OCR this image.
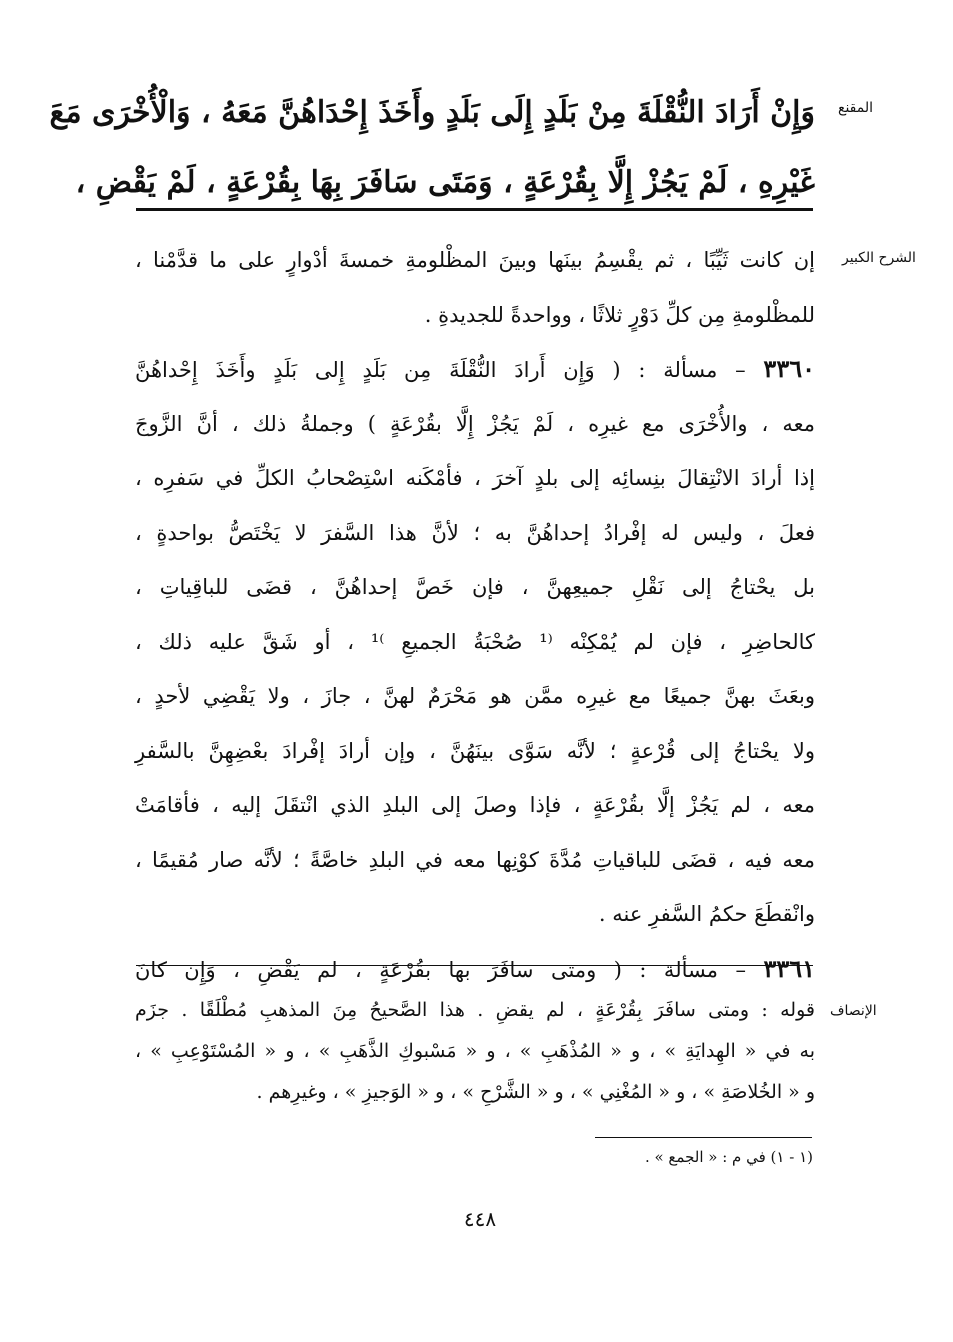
المقنع
وَإِنْ أَرَادَ النُّقْلَةَ مِنْ بَلَدٍ إِلَى بَلَدٍ وأَخَذَ إِحْدَاهُنَّ مَعَهُ ، وَالْأُخْرَى مَعَ
غَيْرِهِ ، لَمْ يَجُزْ إِلَّا بِقُرْعَةٍ ، وَمَتَى سَافَرَ بِهَا بِقُرْعَةٍ ، لَمْ يَقْضِ ،
الشرح الكبير
إن كانت ثَيِّبًا ، ثم يقْسِمُ بينَها وبينَ المظْلومةِ خمسةَ أدْوارٍ على ما قدَّمْنا ،
للمظْلومةِ مِن كلِّ دَوْرٍ ثلاثًا ، وواحدةً للجديدةِ .
٣٣٦٠ – مسألة : ( وَإِن أَرادَ النُّقْلَةَ مِن بَلَدٍ إِلى بَلَدٍ وأَخَذَ إِحْداهُنَّ
معه ، والأُخْرَى مع غيرِه ، لَمْ يَجُزْ إِلَّا بقُرْعَةٍ ) وجملةُ ذلك ، أنَّ الزَّوجَ
إذا أرادَ الانْتِقالَ بنِسائِه إلى بلدٍ آخرَ ، فأمْكَنه اسْتِصْحابُ الكلِّ في سَفرِه ،
فعلَ ، وليس له إفْرادُ إحداهُنَّ به ؛ لأنَّ هذا السَّفرَ لا يَخْتَصُّ بواحدةٍ ،
بل يحْتاجُ إلى نَقْلِ جميعِهنَّ ، فإن خَصَّ إحداهُنَّ ، قضَى للباقِياتِ ،
كالحاضِرِ ، فإن لم يُمْكِنْه ⁽¹ صُحْبَةُ الجميعِ ⁾¹ ، أو شَقَّ عليه ذلك ،
وبعَثَ بهنَّ جميعًا مع غيرِه ممَّن هو مَحْرَمٌ لهنَّ ، جازَ ، ولا يَقْضِي لأحدٍ ،
ولا يحْتاجُ إلى قُرْعةٍ ؛ لأنَّه سَوَّى بينَهُنَّ ، وإن أرادَ إفْرادَ بعْضِهِنَّ بالسَّفرِ
معه ، لم يَجُزْ إلَّا بقُرْعَةٍ ، فإذا وصلَ إلى البلدِ الذي انْتقَلَ إليه ، فأقامَتْ
معه فيه ، قضَى للباقياتِ مُدَّةَ كوْنِها معه في البلدِ خاصَّةً ؛ لأنَّه صار مُقيمًا ،
وانْقطَعَ حكمُ السَّفرِ عنه .
٣٣٦١ – مسألة : ( ومتى سافَرَ بها بقُرْعَةٍ ، لم يَقْضِ ، وَإِن كانَ
الإنصاف
قوله : ومتى سافَرَ بِقُرْعَةٍ ، لم يقضِ . هذا الصَّحيحُ مِنَ المذهبِ مُطْلَقًا . جزَم
به في « الهِدايَةِ » ، و « المُذْهَبِ » ، و « مَسْبوكِ الذَّهَبِ » ، و « المُسْتَوْعِبِ » ،
و « الخُلاصَةِ » ، و « المُغْنِي » ، و « الشَّرْحِ » ، و « الوَجيزِ » ، وغيرِهم .
(١ - ١) في م : « الجمع » .
٤٤٨
